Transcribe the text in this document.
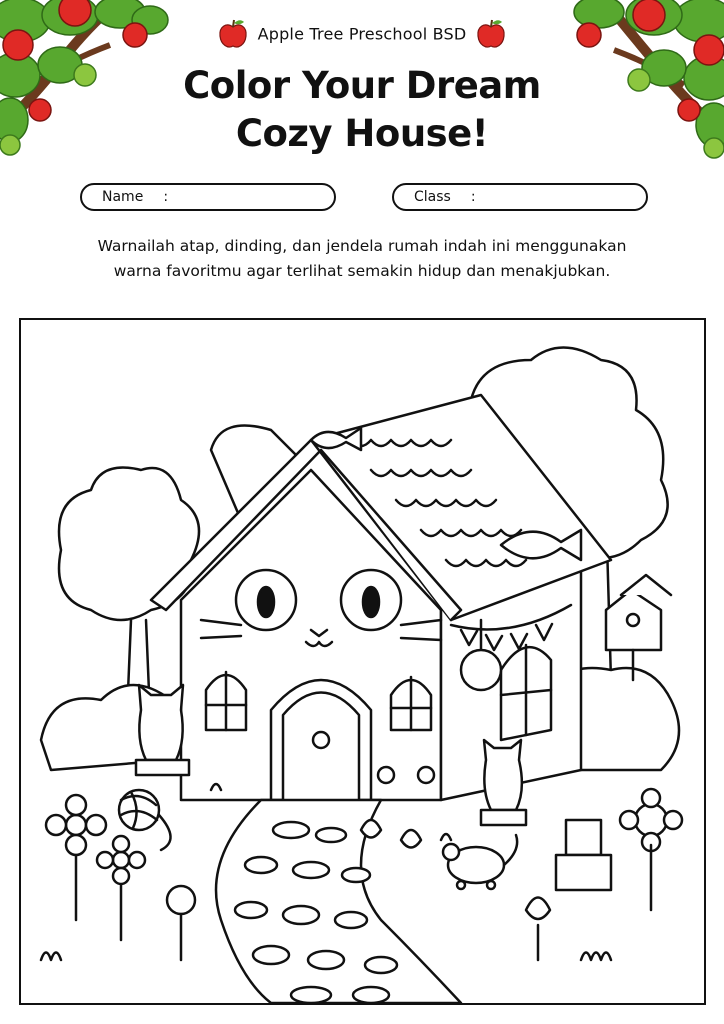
Apple Tree Preschool BSD
Color Your Dream
Cozy House!
Name :	Class :
Warnailah atap, dinding, dan jendela rumah indah ini menggunakan
warna favoritmu agar terlihat semakin hidup dan menakjubkan.
